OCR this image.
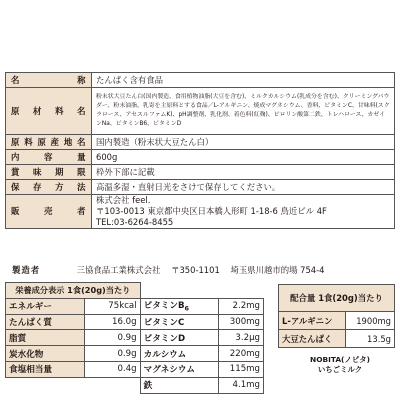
名　称	たんぱく含有食品
原材料名	粉末状大豆たん白(国内製造、食用植物油脂(大豆を含む)、ミルクカルシウム(乳成分を含む)、クリーミングパウダー、粉末油脂、乳寄を主原料とする食品／L-アルギニン、焼成マグネシウム、香料、ビタミンC、甘味料(スクラロース、アセスルファムK)、pH調整剤、乳化剤、着色料(紅麹)、ピロリン酸第二鉄、トレハロース、カゼインNa、ビタミンB6、ビタミンD
原料原産地名	国内製造（粉末状大豆たん白）
内 容 量	600g
賞味期限	枠外下部に記載
保存方法	高温多湿・直射日光をさけて保存してください。
販売者	株式会社 feel.
〒103-0013 東京都中央区日本橋人形町 1-18-6 鳥近ビル 4F
TEL:03-6264-8455
製造者	三協食品工業株式会社 〒350-1101 埼玉県川越市的場 754-4
栄養成分表示 1食(20g)当たり			
エネルギー	75kcal	ビタミン$B_6$	2.2mg
たんぱく質	16.0g	ビタミンC	300mg
脂質	0.9g	ビタミンD	3.2μg
炭水化物	0.9g	カルシウム	220mg
食塩相当量	0.4g	マグネシウム	115mg
		鉄	4.1mg
配合量 1食(20g)当たり	
L-アルギニン	1900mg
大豆たんぱく	13.5g
NOBITA(ノビタ)
いちごミルク
